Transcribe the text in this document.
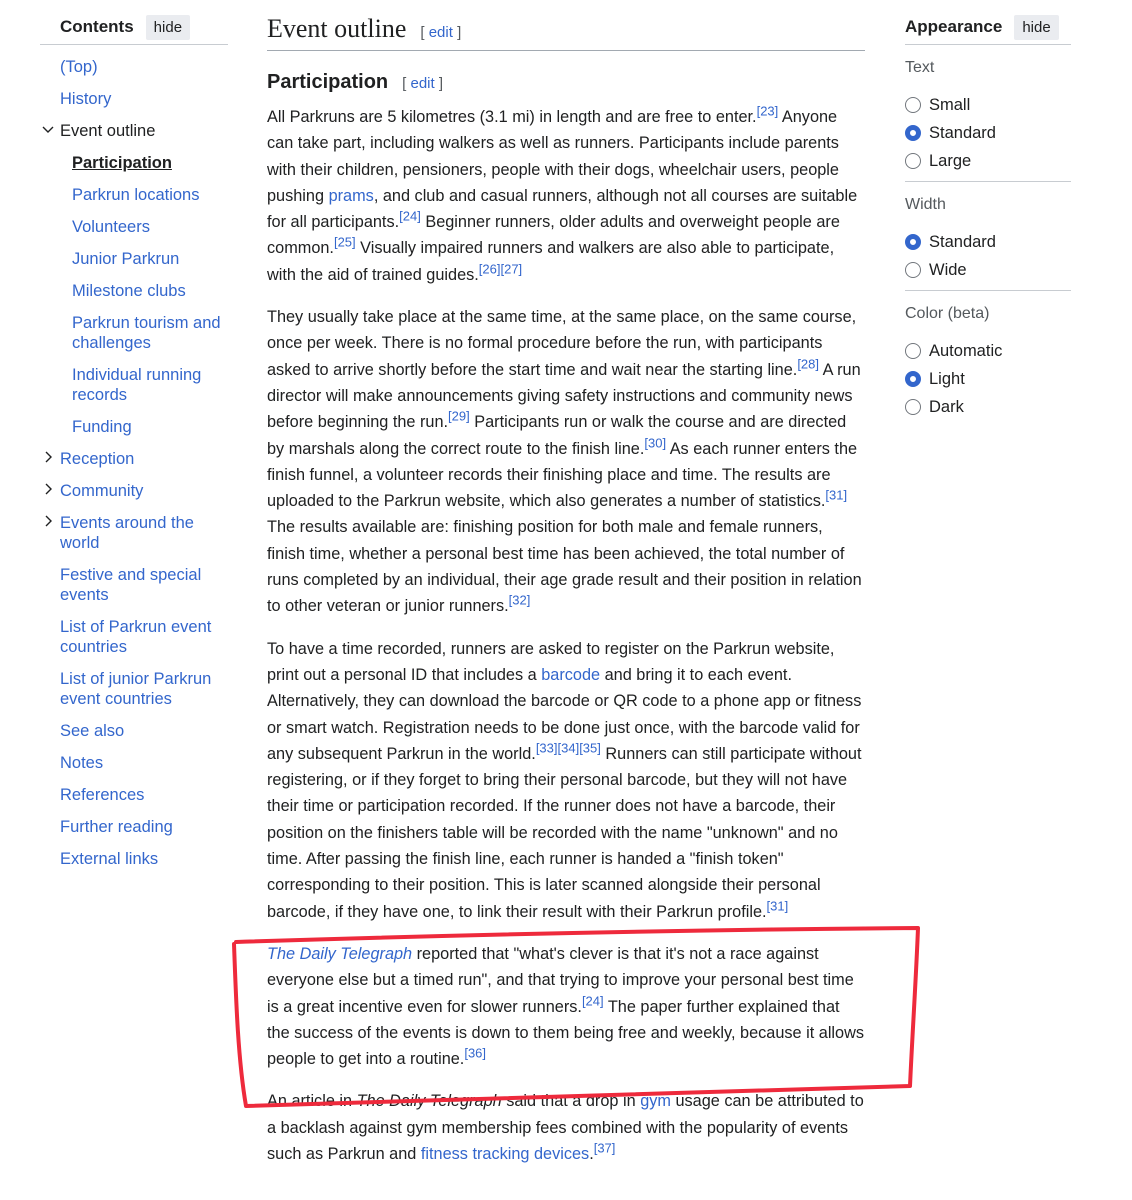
Contents	hide
(Top)
History
Event outline
Participation
Parkrun locations
Volunteers
Junior Parkrun
Milestone clubs
Parkrun tourism and challenges
Individual running records
Funding
Reception
Community
Events around the world
Festive and special events
List of Parkrun event countries
List of junior Parkrun event countries
See also
Notes
References
Further reading
External links
Event outline [ edit ]
Participation [ edit ]

All Parkruns are 5 kilometres (3.1 mi) in length and are free to enter.[23] Anyone can take part, including walkers as well as runners. Participants include parents with their children, pensioners, people with their dogs, wheelchair users, people pushing prams, and club and casual runners, although not all courses are suitable for all participants.[24] Beginner runners, older adults and overweight people are common.[25] Visually impaired runners and walkers are also able to participate, with the aid of trained guides.[26][27]

They usually take place at the same time, at the same place, on the same course, once per week. There is no formal procedure before the run, with participants asked to arrive shortly before the start time and wait near the starting line.[28] A run director will make announcements giving safety instructions and community news before beginning the run.[29] Participants run or walk the course and are directed by marshals along the correct route to the finish line.[30] As each runner enters the finish funnel, a volunteer records their finishing place and time. The results are uploaded to the Parkrun website, which also generates a number of statistics.[31] The results available are: finishing position for both male and female runners, finish time, whether a personal best time has been achieved, the total number of runs completed by an individual, their age grade result and their position in relation to other veteran or junior runners.[32]

To have a time recorded, runners are asked to register on the Parkrun website, print out a personal ID that includes a barcode and bring it to each event. Alternatively, they can download the barcode or QR code to a phone app or fitness or smart watch. Registration needs to be done just once, with the barcode valid for any subsequent Parkrun in the world.[33][34][35] Runners can still participate without registering, or if they forget to bring their personal barcode, but they will not have their time or participation recorded. If the runner does not have a barcode, their position on the finishers table will be recorded with the name "unknown" and no time. After passing the finish line, each runner is handed a "finish token" corresponding to their position. This is later scanned alongside their personal barcode, if they have one, to link their result with their Parkrun profile.[31]

The Daily Telegraph reported that "what's clever is that it's not a race against everyone else but a timed run", and that trying to improve your personal best time is a great incentive even for slower runners.[24] The paper further explained that the success of the events is down to them being free and weekly, because it allows people to get into a routine.[36]

An article in The Daily Telegraph said that a drop in gym usage can be attributed to a backlash against gym membership fees combined with the popularity of events such as Parkrun and fitness tracking devices.[37]

Appearance	hide
Text
Small
Standard
Large
Width
Standard
Wide
Color (beta)
Automatic
Light
Dark
